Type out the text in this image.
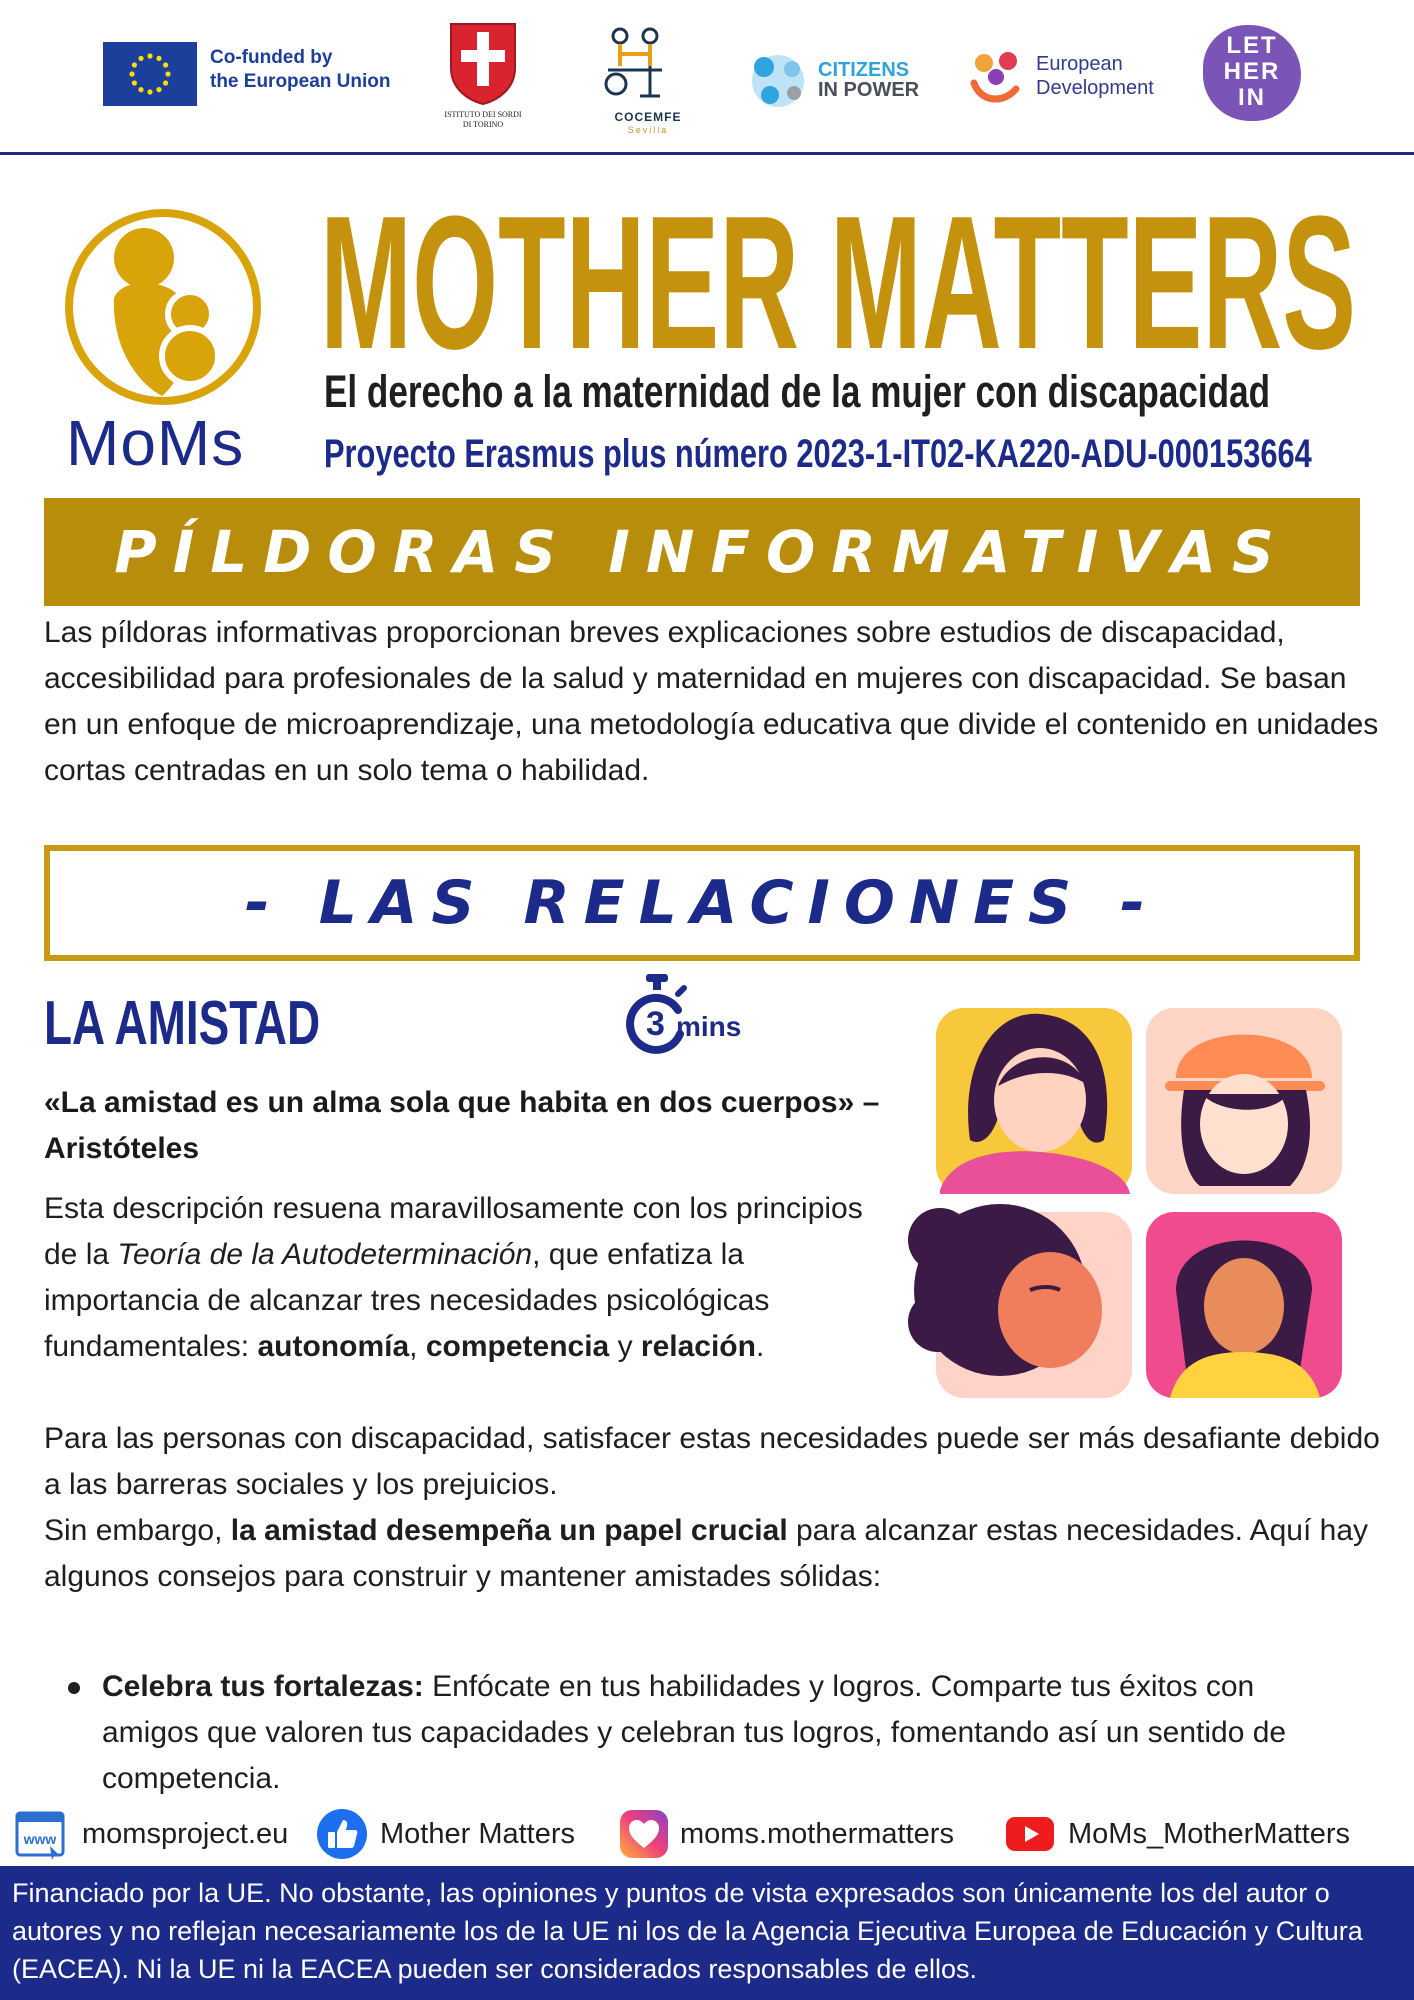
Co-funded by
the European Union
ISTITUTO DEI SORDI
DI TORINO
COCEMFE
Sevilla
CITIZENS
IN POWER
European
Development
LET
HER
IN
MoMs
MOTHER MATTERS
El derecho a la maternidad de la mujer con discapacidad
Proyecto Erasmus plus número 2023-1-IT02-KA220-ADU-000153664
PÍLDORAS INFORMATIVAS
Las píldoras informativas proporcionan breves explicaciones sobre estudios de discapacidad, accesibilidad para profesionales de la salud y maternidad en mujeres con discapacidad. Se basan en un enfoque de microaprendizaje, una metodología educativa que divide el contenido en unidades cortas centradas en un solo tema o habilidad.
- LAS RELACIONES -
LA AMISTAD	3 mins
«La amistad es un alma sola que habita en dos cuerpos» – Aristóteles
Esta descripción resuena maravillosamente con los principios de la Teoría de la Autodeterminación, que enfatiza la importancia de alcanzar tres necesidades psicológicas fundamentales: autonomía, competencia y relación.
Para las personas con discapacidad, satisfacer estas necesidades puede ser más desafiante debido a las barreras sociales y los prejuicios.
Sin embargo, la amistad desempeña un papel crucial para alcanzar estas necesidades. Aquí hay algunos consejos para construir y mantener amistades sólidas:
Celebra tus fortalezas: Enfócate en tus habilidades y logros. Comparte tus éxitos con amigos que valoren tus capacidades y celebran tus logros, fomentando así un sentido de competencia.
www momsproject.eu	Mother Matters	moms.mothermatters	MoMs_MotherMatters
Financiado por la UE. No obstante, las opiniones y puntos de vista expresados son únicamente los del autor o autores y no reflejan necesariamente los de la UE ni los de la Agencia Ejecutiva Europea de Educación y Cultura (EACEA). Ni la UE ni la EACEA pueden ser considerados responsables de ellos.
